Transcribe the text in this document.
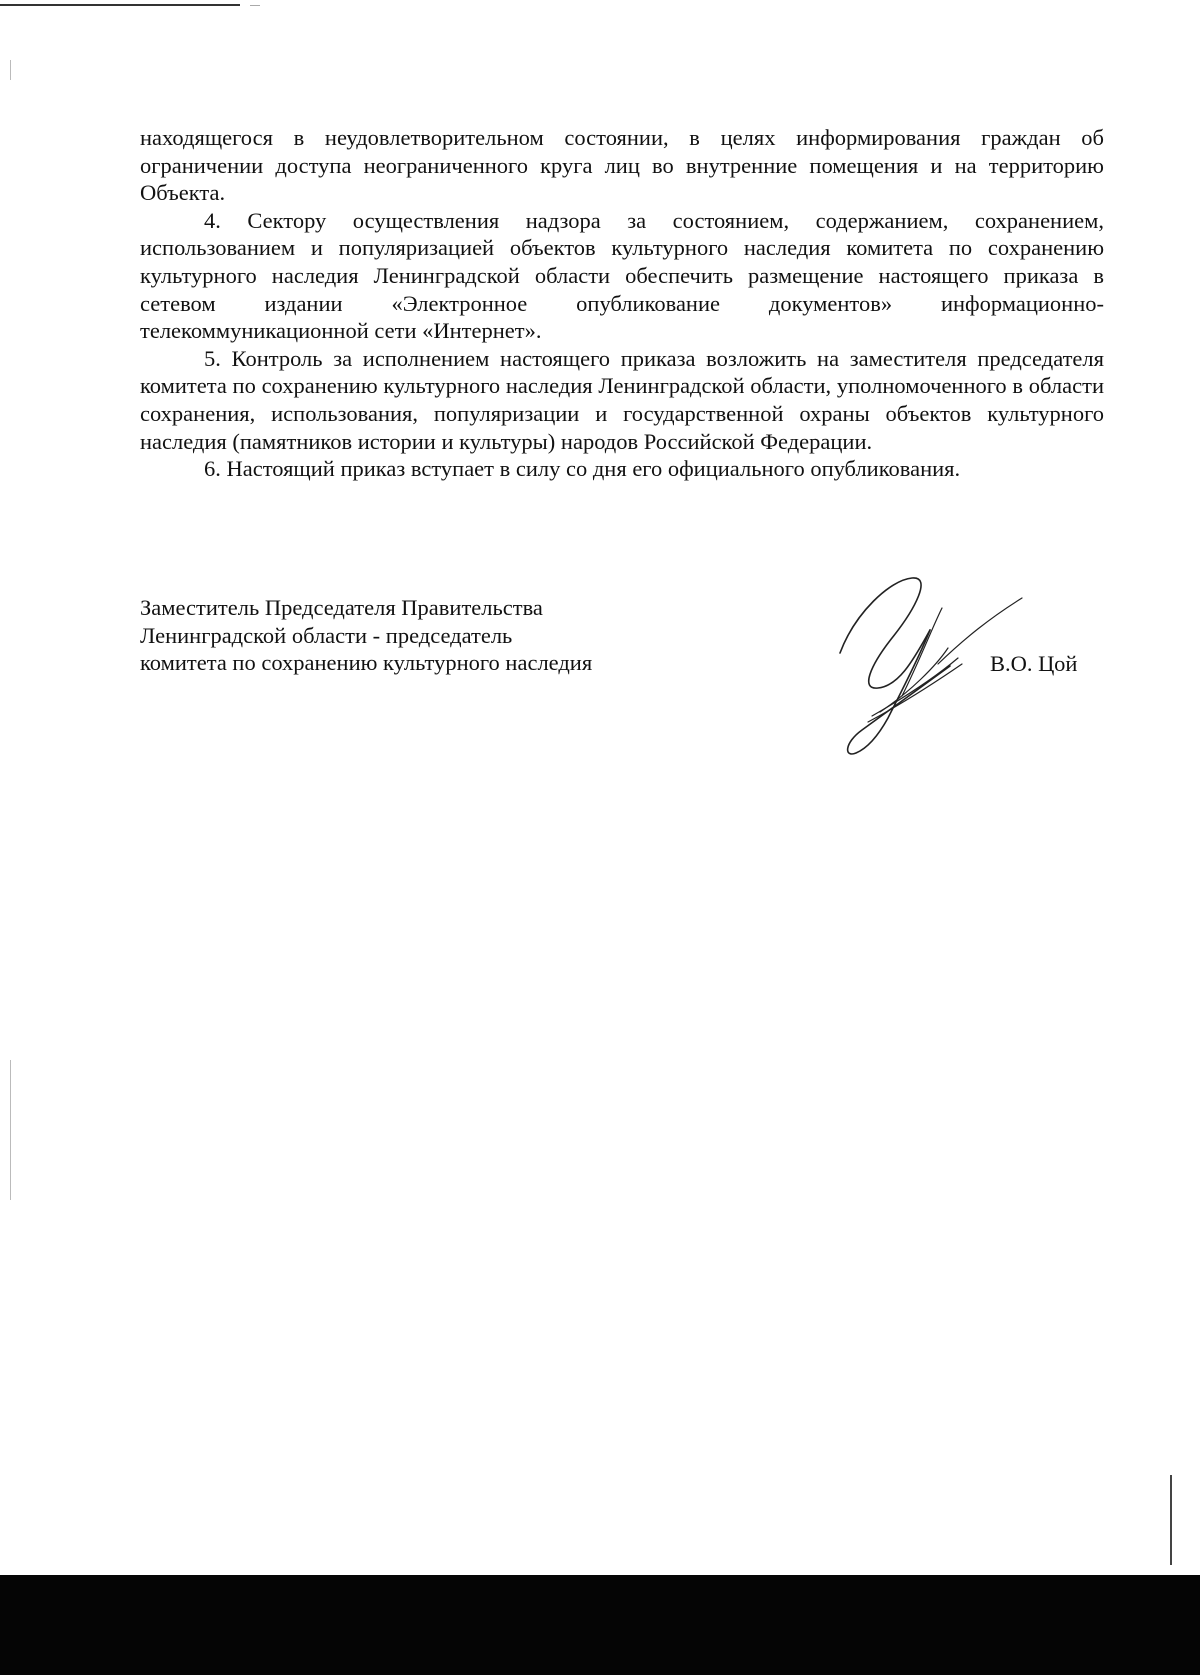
находящегося в неудовлетворительном состоянии, в целях информирования граждан об ограничении доступа неограниченного круга лиц во внутренние помещения и на территорию Объекта.

4. Сектору осуществления надзора за состоянием, содержанием, сохранением, использованием и популяризацией объектов культурного наследия комитета по сохранению культурного наследия Ленинградской области обеспечить размещение настоящего приказа в сетевом издании «Электронное опубликование документов» информационно-телекоммуникационной сети «Интернет».

5. Контроль за исполнением настоящего приказа возложить на заместителя председателя комитета по сохранению культурного наследия Ленинградской области, уполномоченного в области сохранения, использования, популяризации и государственной охраны объектов культурного наследия (памятников истории и культуры) народов Российской Федерации.

6. Настоящий приказ вступает в силу со дня его официального опубликования.

Заместитель Председателя Правительства
Ленинградской области - председатель
комитета по сохранению культурного наследия	В.О. Цой
